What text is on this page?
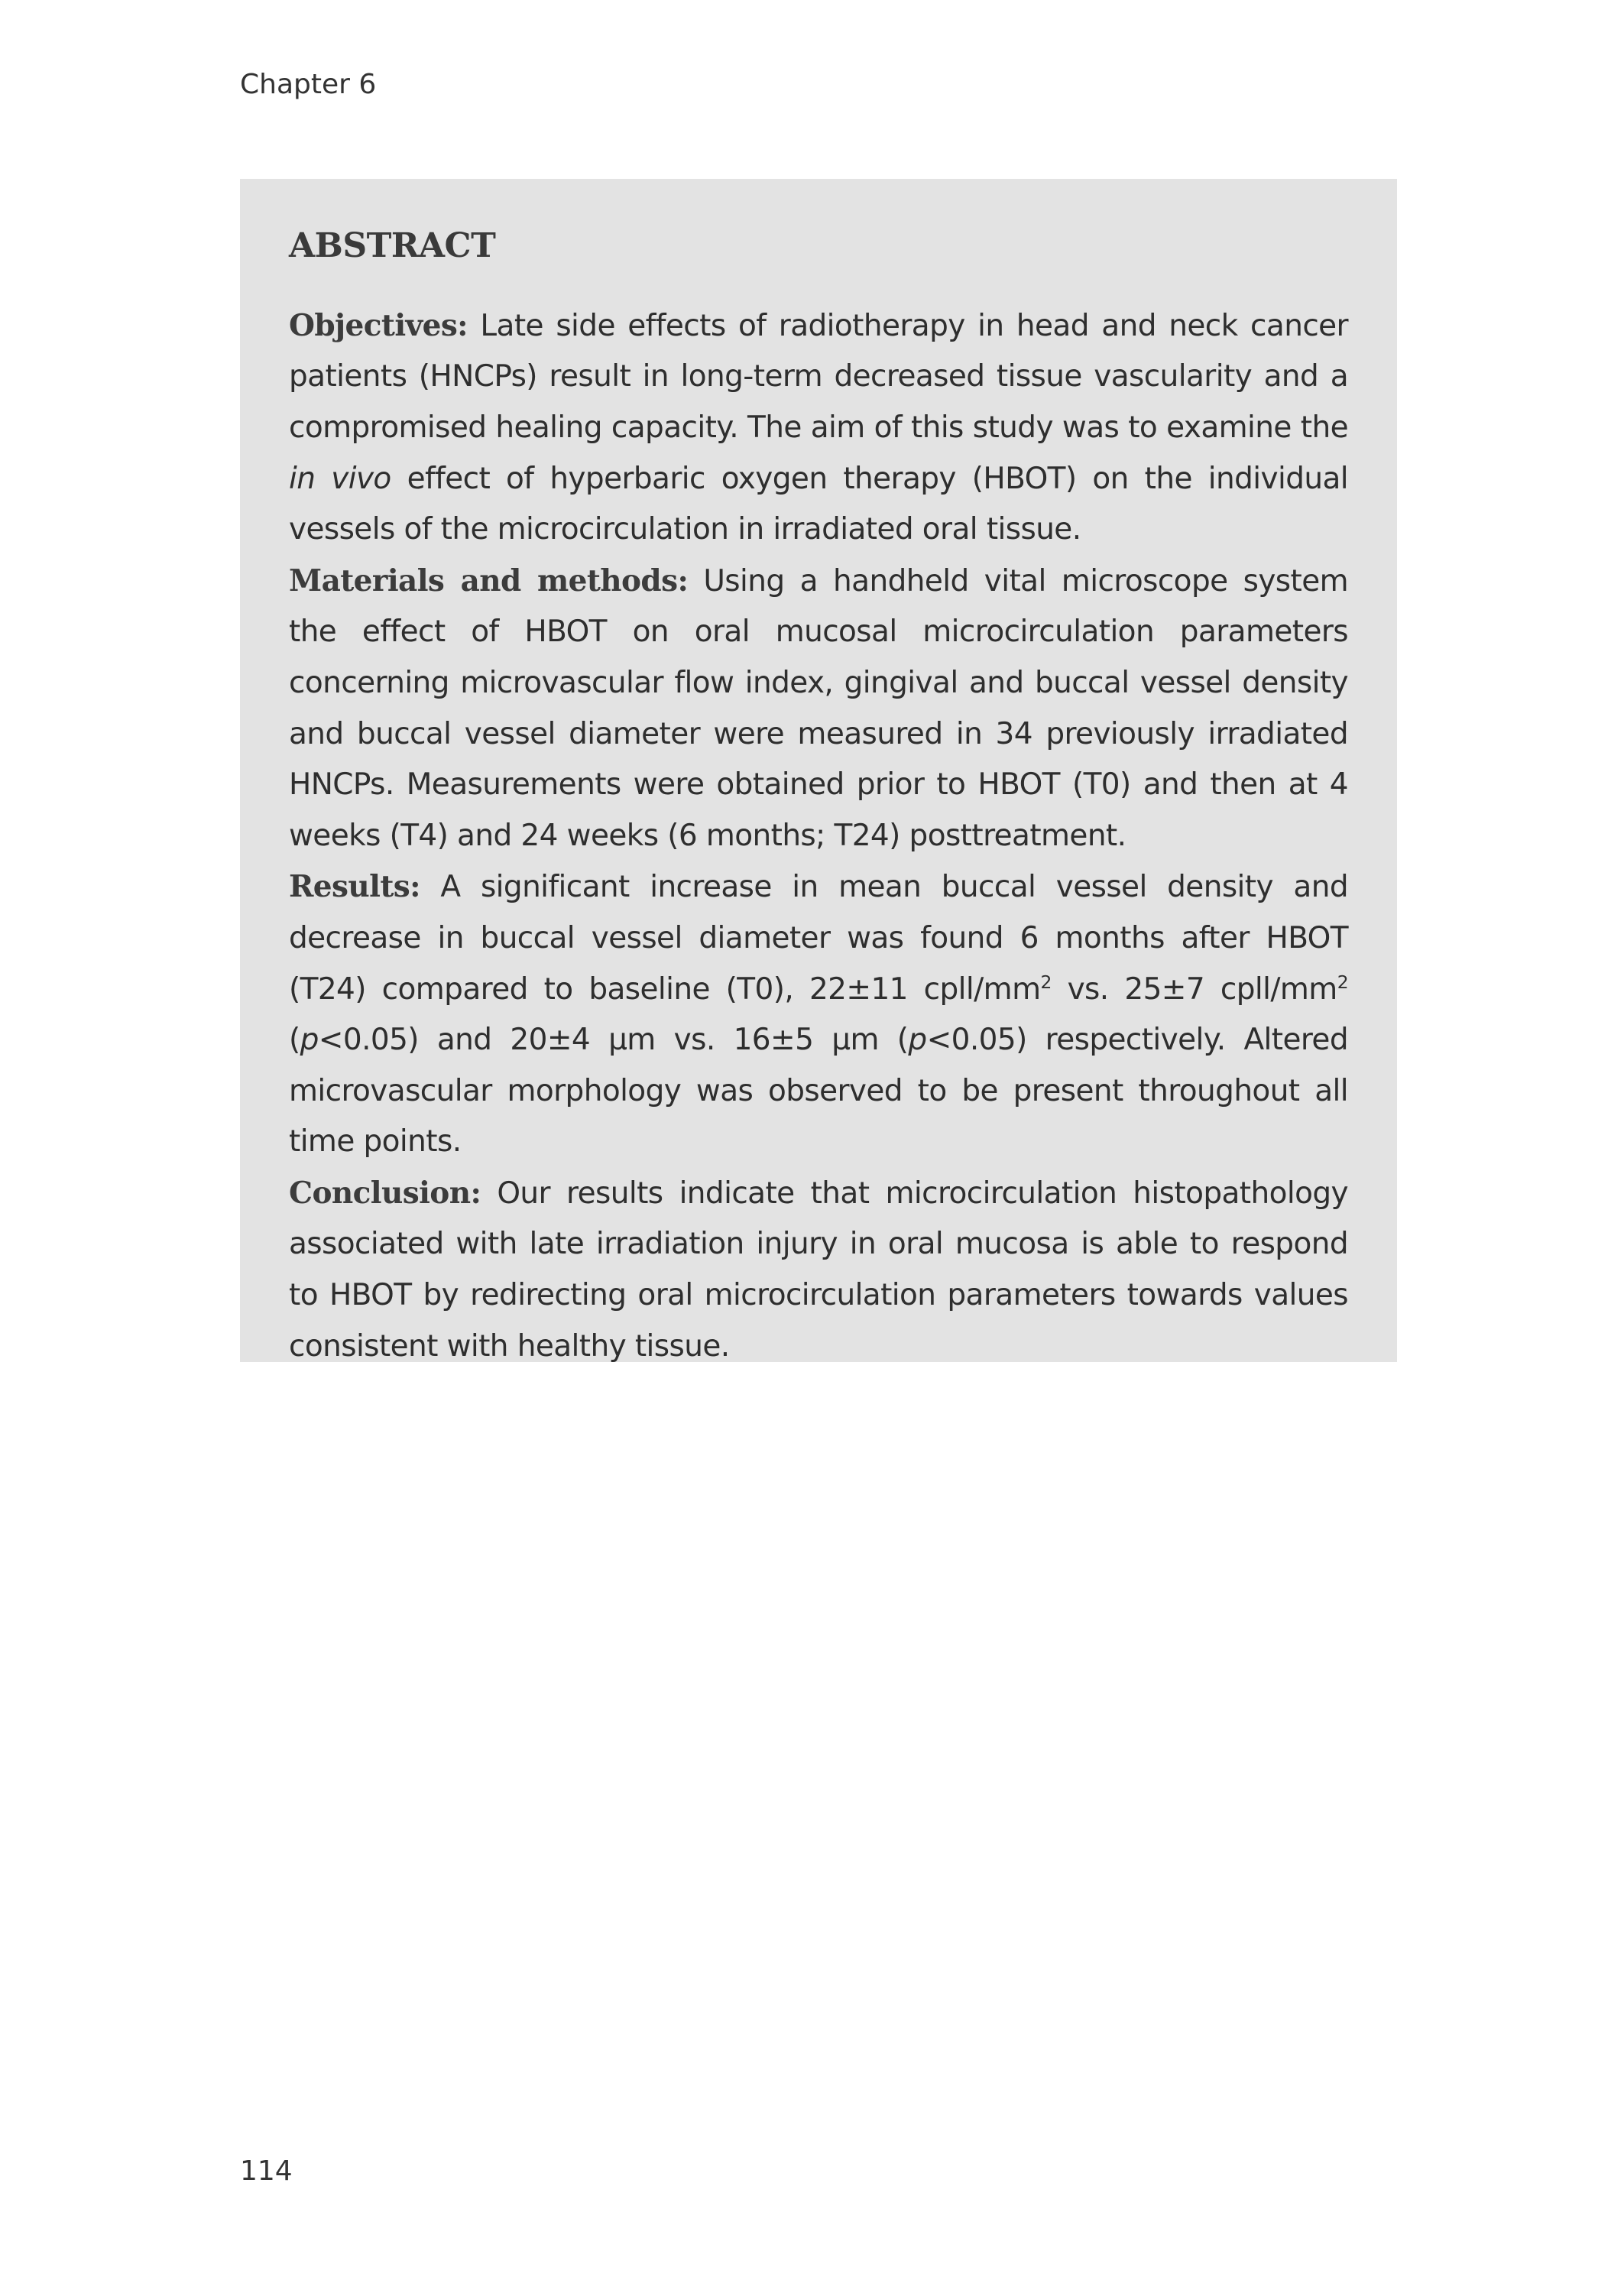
Chapter 6
ABSTRACT

Objectives: Late side effects of radiotherapy in head and neck cancer patients (HNCPs) result in long-term decreased tissue vascularity and a compromised healing capacity. The aim of this study was to examine the in vivo effect of hyperbaric oxygen therapy (HBOT) on the individual vessels of the microcirculation in irradiated oral tissue.

Materials and methods: Using a handheld vital microscope system the effect of HBOT on oral mucosal microcirculation parameters concerning microvascular flow index, gingival and buccal vessel density and buccal vessel diameter were measured in 34 previously irradiated HNCPs. Measurements were obtained prior to HBOT (T0) and then at 4 weeks (T4) and 24 weeks (6 months; T24) posttreatment.

Results: A significant increase in mean buccal vessel density and decrease in buccal vessel diameter was found 6 months after HBOT (T24) compared to baseline (T0), 22±11 cpll/$mm^2$ vs. 25±7 cpll/$mm^2$ (p<0.05) and 20±4 µm vs. 16±5 µm (p<0.05) respectively. Altered microvascular morphology was observed to be present throughout all time points.

Conclusion: Our results indicate that microcirculation histopathology associated with late irradiation injury in oral mucosa is able to respond to HBOT by redirecting oral microcirculation parameters towards values consistent with healthy tissue.

114
